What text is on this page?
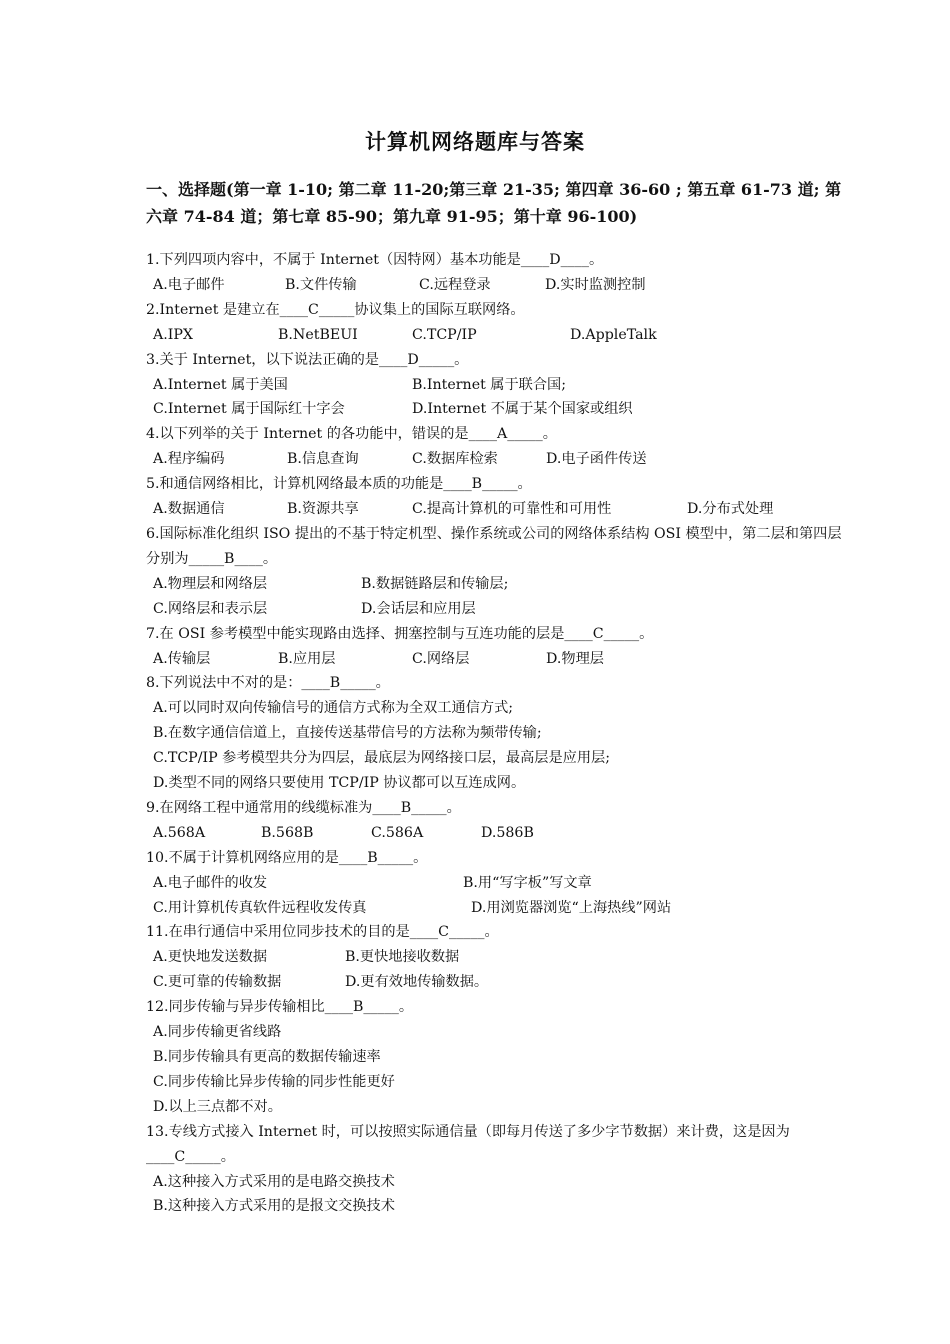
计算机网络题库与答案
一、选择题(第一章 1-10; 第二章 11-20;第三章 21-35; 第四章 36-60 ; 第五章 61-73 道; 第六章 74-84 道；第七章 85-90；第九章 91-95；第十章 96-100)

1.下列四项内容中，不属于 Internet（因特网）基本功能是____D____。

A.电子邮件	B.文件传输	C.远程登录	D.实时监测控制

2.Internet 是建立在____C_____协议集上的国际互联网络。

A.IPX	B.NetBEUI	C.TCP/IP	D.AppleTalk

3.关于 Internet，以下说法正确的是____D_____。

A.Internet 属于美国	B.Internet 属于联合国;
C.Internet 属于国际红十字会	D.Internet 不属于某个国家或组织

4.以下列举的关于 Internet 的各功能中，错误的是____A_____。

A.程序编码	B.信息查询	C.数据库检索	D.电子函件传送

5.和通信网络相比，计算机网络最本质的功能是____B_____。

A.数据通信	B.资源共享	C.提高计算机的可靠性和可用性	D.分布式处理

6.国际标准化组织 ISO 提出的不基于特定机型、操作系统或公司的网络体系结构 OSI 模型中，第二层和第四层分别为_____B____。

A.物理层和网络层	B.数据链路层和传输层;
C.网络层和表示层	D.会话层和应用层

7.在 OSI 参考模型中能实现路由选择、拥塞控制与互连功能的层是____C_____。

A.传输层	B.应用层	C.网络层	D.物理层

8.下列说法中不对的是：____B_____。

A.可以同时双向传输信号的通信方式称为全双工通信方式;
B.在数字通信信道上，直接传送基带信号的方法称为频带传输;
C.TCP/IP 参考模型共分为四层，最底层为网络接口层，最高层是应用层;
D.类型不同的网络只要使用 TCP/IP 协议都可以互连成网。

9.在网络工程中通常用的线缆标准为____B_____。

A.568A	B.568B	C.586A	D.586B

10.不属于计算机网络应用的是____B_____。

A.电子邮件的收发	B.用“写字板”写文章
C.用计算机传真软件远程收发传真	D.用浏览器浏览“上海热线”网站

11.在串行通信中采用位同步技术的目的是____C_____。

A.更快地发送数据	B.更快地接收数据
C.更可靠的传输数据	D.更有效地传输数据。

12.同步传输与异步传输相比____B_____。

A.同步传输更省线路
B.同步传输具有更高的数据传输速率
C.同步传输比异步传输的同步性能更好
D.以上三点都不对。

13.专线方式接入 Internet 时，可以按照实际通信量（即每月传送了多少字节数据）来计费，这是因为____C_____。

A.这种接入方式采用的是电路交换技术
B.这种接入方式采用的是报文交换技术
